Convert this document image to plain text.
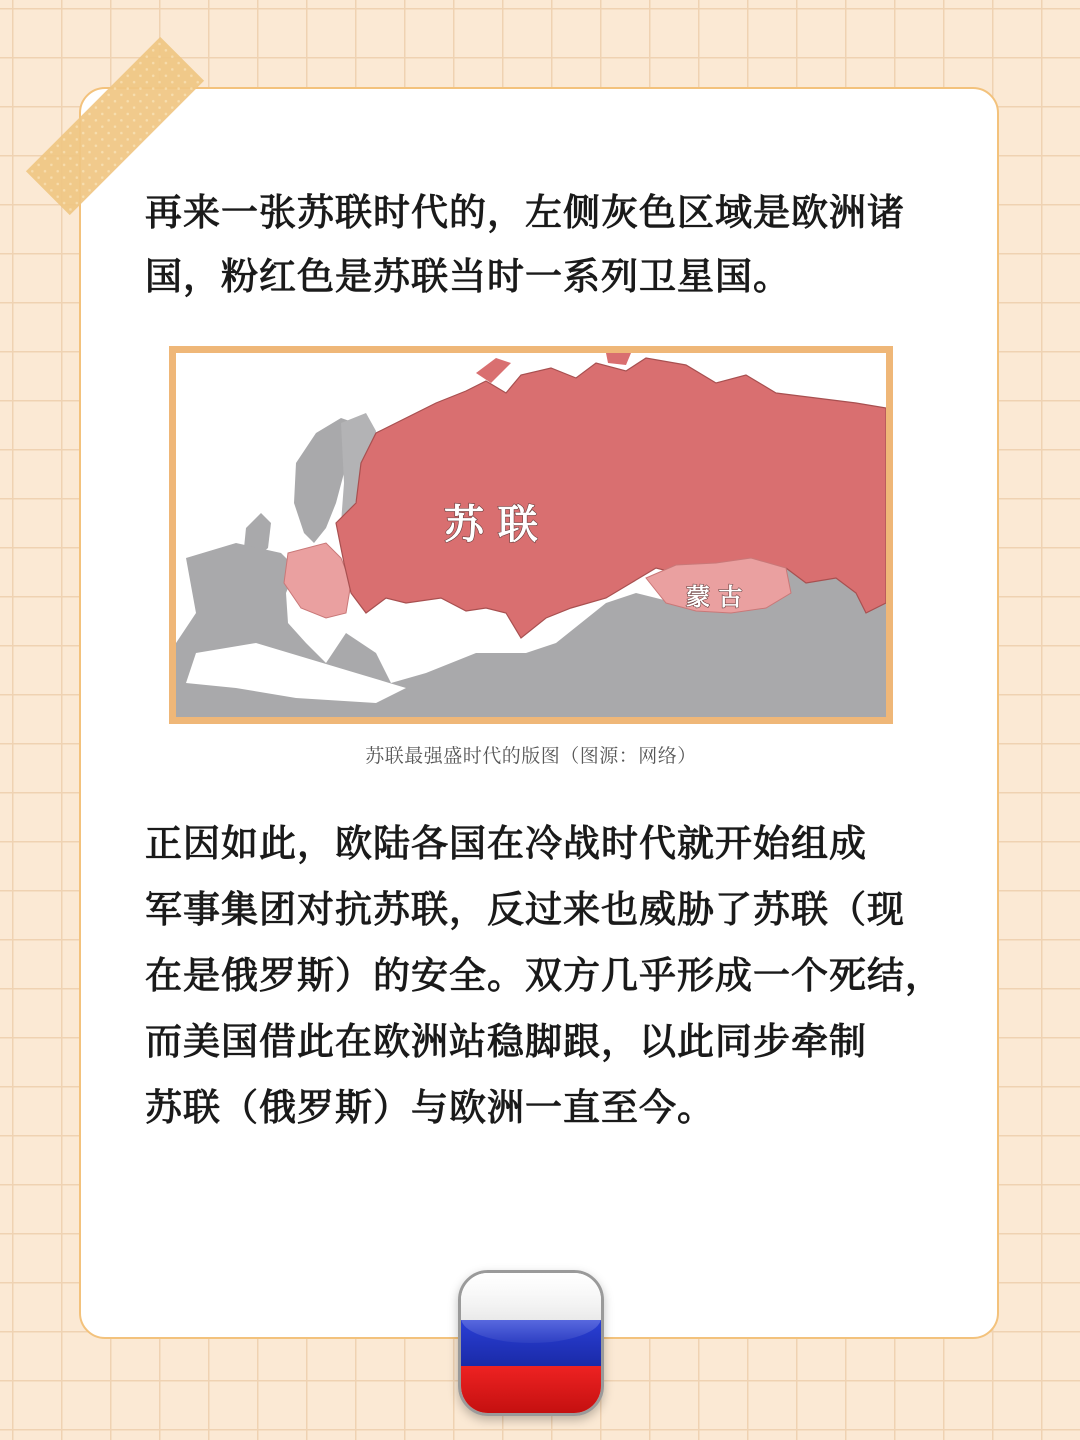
再来一张苏联时代的，左侧灰色区域是欧洲诸
国，粉红色是苏联当时一系列卫星国。

苏 联
蒙 古
苏联最强盛时代的版图（图源：网络）

正因如此，欧陆各国在冷战时代就开始组成
军事集团对抗苏联，反过来也威胁了苏联（现
在是俄罗斯）的安全。双方几乎形成一个死结，
而美国借此在欧洲站稳脚跟，以此同步牵制
苏联（俄罗斯）与欧洲一直至今。
